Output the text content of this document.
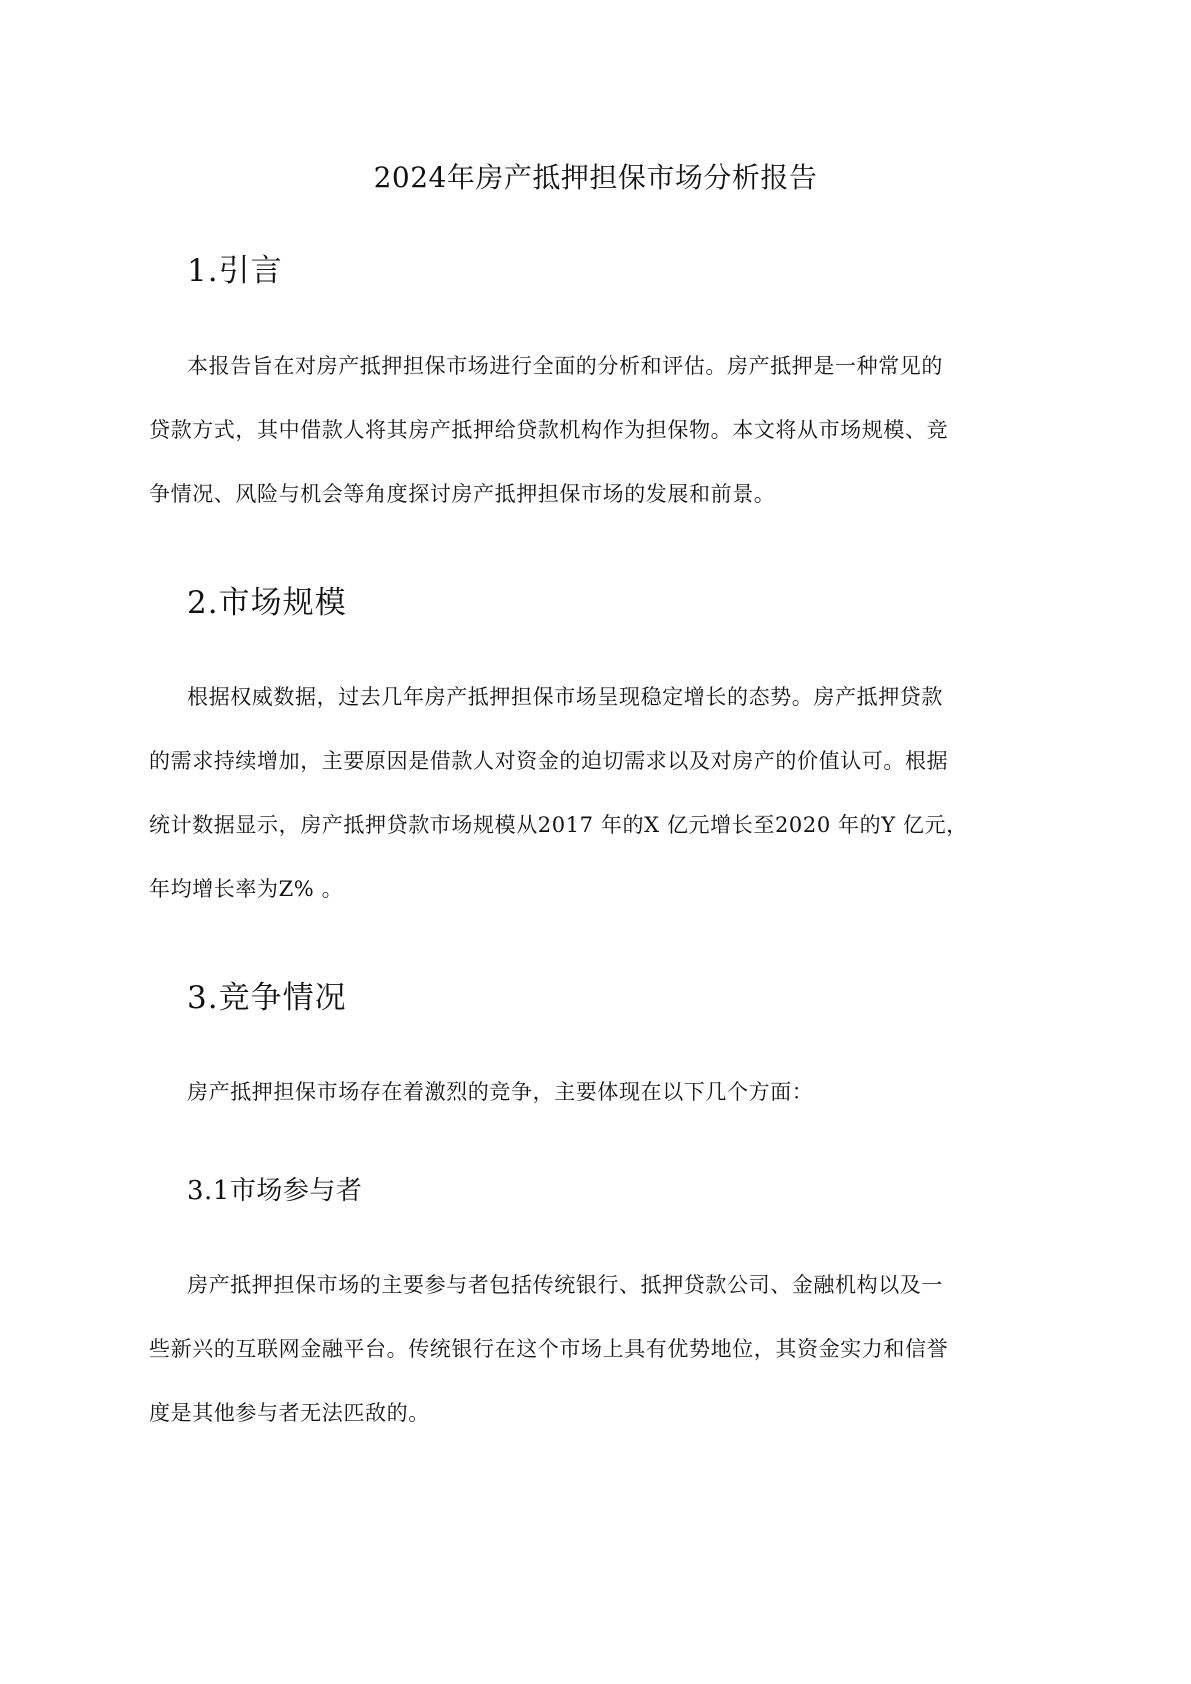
2024年房产抵押担保市场分析报告
1.引言
本报告旨在对房产抵押担保市场进行全面的分析和评估。房产抵押是一种常见的
贷款方式，其中借款人将其房产抵押给贷款机构作为担保物。本文将从市场规模、竞
争情况、风险与机会等角度探讨房产抵押担保市场的发展和前景。
2.市场规模
根据权威数据，过去几年房产抵押担保市场呈现稳定增长的态势。房产抵押贷款
的需求持续增加，主要原因是借款人对资金的迫切需求以及对房产的价值认可。根据
统计数据显示，房产抵押贷款市场规模从2017 年的X 亿元增长至2020 年的Y 亿元，
年均增长率为Z% 。
3.竞争情况
房产抵押担保市场存在着激烈的竞争，主要体现在以下几个方面：
3.1市场参与者
房产抵押担保市场的主要参与者包括传统银行、抵押贷款公司、金融机构以及一
些新兴的互联网金融平台。传统银行在这个市场上具有优势地位，其资金实力和信誉
度是其他参与者无法匹敌的。
